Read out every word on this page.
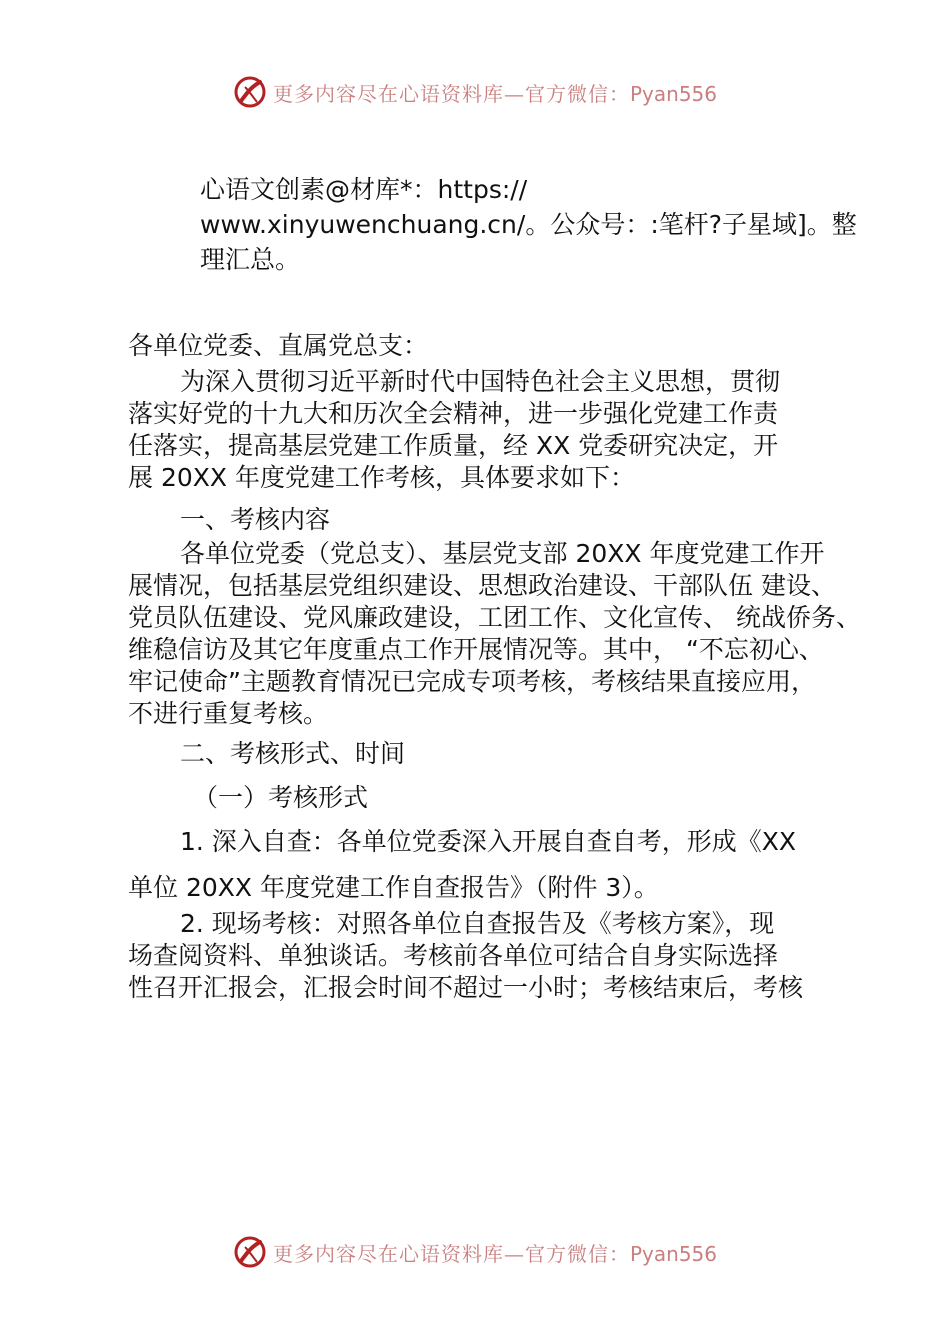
更多内容尽在心语资料库—官方微信：Pyan556

心语文创素@材库*：https:// www.xinyuwenchuang.cn/。公众号：:笔杆?子星域]。整理汇总。

各单位党委、直属党总支：

为深入贯彻习近平新时代中国特色社会主义思想，贯彻

落实好党的十九大和历次全会精神，进一步强化党建工作责

任落实，提高基层党建工作质量，经 XX 党委研究决定，开

展 20XX 年度党建工作考核，具体要求如下：

一、考核内容

各单位党委（党总支）、基层党支部 20XX 年度党建工作开

展情况，包括基层党组织建设、思想政治建设、干部队伍 建设、

党员队伍建设、党风廉政建设，工团工作、文化宣传、 统战侨务、

维稳信访及其它年度重点工作开展情况等。其中， “不忘初心、

牢记使命”主题教育情况已完成专项考核，考核结果直接应用，

不进行重复考核。

二、考核形式、时间

（一）考核形式

1. 深入自查：各单位党委深入开展自查自考，形成《XX

单位 20XX 年度党建工作自查报告》（附件 3）。

2. 现场考核：对照各单位自查报告及《考核方案》，现

场查阅资料、单独谈话。考核前各单位可结合自身实际选择

性召开汇报会，汇报会时间不超过一小时；考核结束后，考核

更多内容尽在心语资料库—官方微信：Pyan556
